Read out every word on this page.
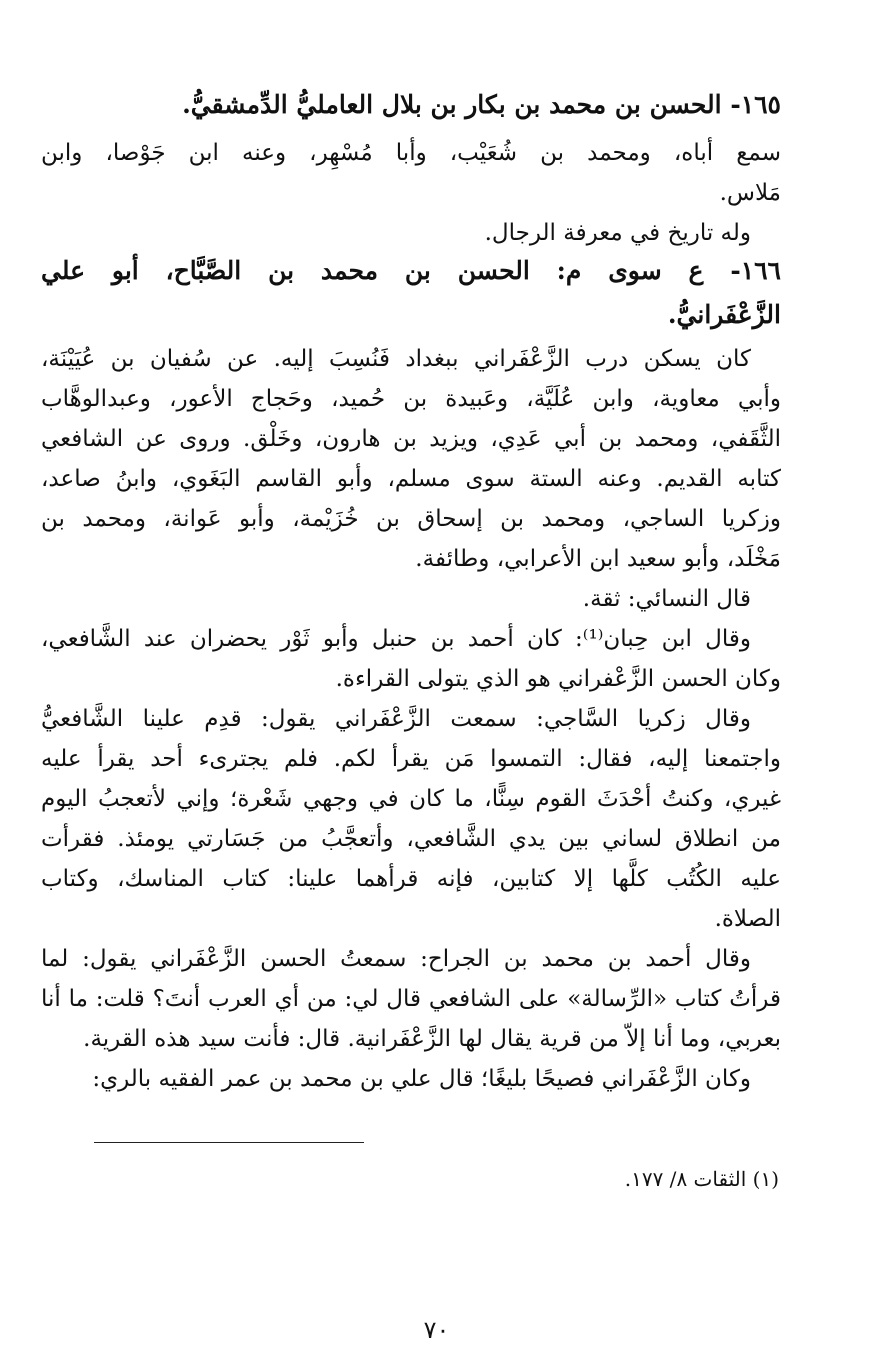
١٦٥- الحسن بن محمد بن بكار بن بلال العامليُّ الدِّمشقيُّ.
سمع أباه، ومحمد بن شُعَيْب، وأبا مُسْهِر، وعنه ابن جَوْصا، وابن
مَلاس.
وله تاريخ في معرفة الرجال.
١٦٦- ع سوى م: الحسن بن محمد بن الصَّبَّاح، أبو علي
الزَّعْفَرانيُّ.
كان يسكن درب الزَّعْفَراني ببغداد فَنُسِبَ إليه. عن سُفيان بن عُيَيْنَة،
وأبي معاوية، وابن عُلَيَّة، وعَبيدة بن حُميد، وحَجاج الأعور، وعبدالوهَّاب
الثَّقَفي، ومحمد بن أبي عَدِي، ويزيد بن هارون، وخَلْق. وروى عن الشافعي
كتابه القديم. وعنه الستة سوى مسلم، وأبو القاسم البَغَوي، وابنُ صاعد،
وزكريا الساجي، ومحمد بن إسحاق بن خُزَيْمة، وأبو عَوانة، ومحمد بن
مَخْلَد، وأبو سعيد ابن الأعرابي، وطائفة.
قال النسائي: ثقة.
وقال ابن حِبان⁽¹⁾: كان أحمد بن حنبل وأبو ثَوْر يحضران عند الشَّافعي،
وكان الحسن الزَّعْفراني هو الذي يتولى القراءة.
وقال زكريا السَّاجي: سمعت الزَّعْفَراني يقول: قدِم علينا الشَّافعيُّ
واجتمعنا إليه، فقال: التمسوا مَن يقرأ لكم. فلم يجترىء أحد يقرأ عليه
غيري، وكنتُ أحْدَثَ القوم سِنًّا، ما كان في وجهي شَعْرة؛ وإني لأتعجبُ اليوم
من انطلاق لساني بين يدي الشَّافعي، وأتعجَّبُ من جَسَارتي يومئذ. فقرأت
عليه الكُتُب كلَّها إلا كتابين، فإنه قرأهما علينا: كتاب المناسك، وكتاب
الصلاة.
وقال أحمد بن محمد بن الجراح: سمعتُ الحسن الزَّعْفَراني يقول: لما
قرأتُ كتاب «الرِّسالة» على الشافعي قال لي: من أي العرب أنتَ؟ قلت: ما أنا
بعربي، وما أنا إلاّ من قرية يقال لها الزَّعْفَرانية. قال: فأنت سيد هذه القرية.
وكان الزَّعْفَراني فصيحًا بليغًا؛ قال علي بن محمد بن عمر الفقيه بالري:
(١) الثقات ٨/ ١٧٧.
٧٠
